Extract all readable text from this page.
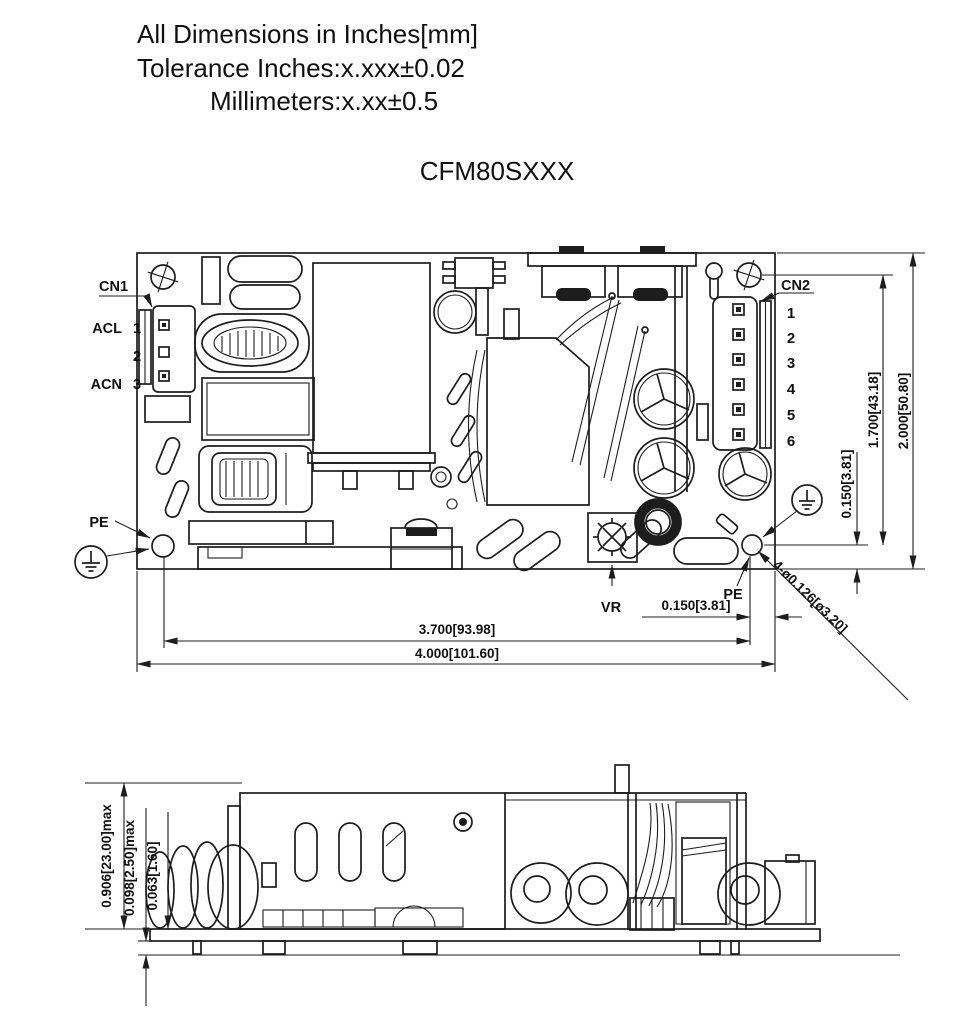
All Dimensions in Inches[mm]
Tolerance Inches:x.xxx±0.02
Millimeters:x.xx±0.5
CFM80SXXX
CN1
ACL 1
2
ACN 3
CN2
1
2
3
4
5
6
PE
PE 4-ø0.126[ø3.20]
VR	0.150[3.81]
3.700[93.98]
4.000[101.60]
0.150[3.81]
1.700[43.18] 2.000[50.80]
0.906[23.00]max 0.098[2.50]max 0.063[1.60]
